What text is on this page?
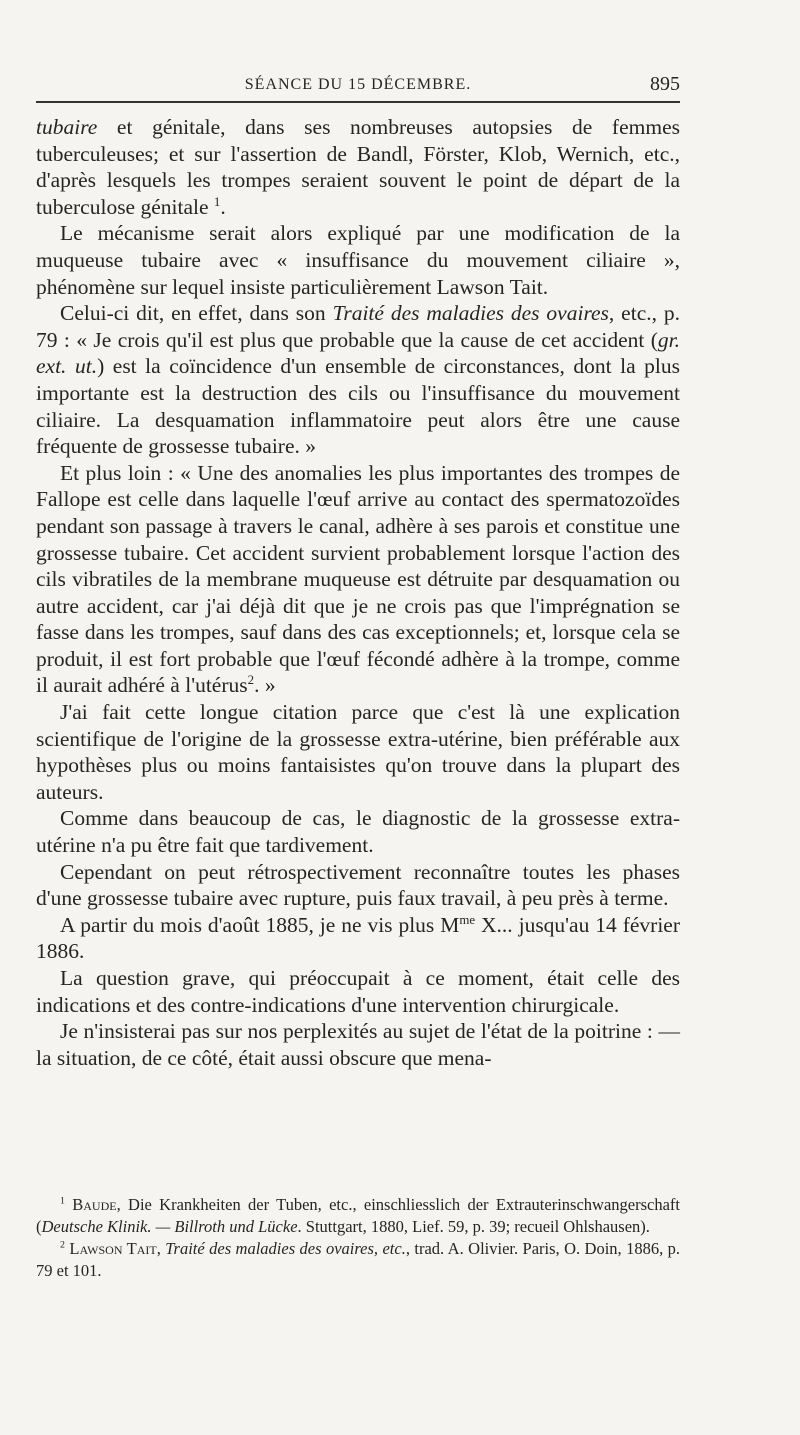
SÉANCE DU 15 DÉCEMBRE.	895

tubaire et génitale, dans ses nombreuses autopsies de femmes tuberculeuses; et sur l'assertion de Bandl, Förster, Klob, Wernich, etc., d'après lesquels les trompes seraient souvent le point de départ de la tuberculose génitale $^1$.

Le mécanisme serait alors expliqué par une modification de la muqueuse tubaire avec « insuffisance du mouvement ciliaire », phénomène sur lequel insiste particulièrement Lawson Tait.

Celui-ci dit, en effet, dans son Traité des maladies des ovaires, etc., p. 79 : « Je crois qu'il est plus que probable que la cause de cet accident (gr. ext. ut.) est la coïncidence d'un ensemble de circonstances, dont la plus importante est la destruction des cils ou l'insuffisance du mouvement ciliaire. La desquamation inflammatoire peut alors être une cause fréquente de grossesse tubaire. »

Et plus loin : « Une des anomalies les plus importantes des trompes de Fallope est celle dans laquelle l'œuf arrive au contact des spermatozoïdes pendant son passage à travers le canal, adhère à ses parois et constitue une grossesse tubaire. Cet accident survient probablement lorsque l'action des cils vibratiles de la membrane muqueuse est détruite par desquamation ou autre accident, car j'ai déjà dit que je ne crois pas que l'imprégnation se fasse dans les trompes, sauf dans des cas exceptionnels; et, lorsque cela se produit, il est fort probable que l'œuf fécondé adhère à la trompe, comme il aurait adhéré à l'utérus$^2$. »

J'ai fait cette longue citation parce que c'est là une explication scientifique de l'origine de la grossesse extra-utérine, bien préférable aux hypothèses plus ou moins fantaisistes qu'on trouve dans la plupart des auteurs.

Comme dans beaucoup de cas, le diagnostic de la grossesse extra-utérine n'a pu être fait que tardivement.

Cependant on peut rétrospectivement reconnaître toutes les phases d'une grossesse tubaire avec rupture, puis faux travail, à peu près à terme.

A partir du mois d'août 1885, je ne vis plus $M^{me}$ X... jusqu'au 14 février 1886.

La question grave, qui préoccupait à ce moment, était celle des indications et des contre-indications d'une intervention chirurgicale.

Je n'insisterai pas sur nos perplexités au sujet de l'état de la poitrine : — la situation, de ce côté, était aussi obscure que mena-

$^1$ Baude, Die Krankheiten der Tuben, etc., einschliesslich der Extrauterinschwangerschaft (Deutsche Klinik. — Billroth und Lücke. Stuttgart, 1880, Lief. 59, p. 39; recueil Ohlshausen).

$^2$ Lawson Tait, Traité des maladies des ovaires, etc., trad. A. Olivier. Paris, O. Doin, 1886, p. 79 et 101.
